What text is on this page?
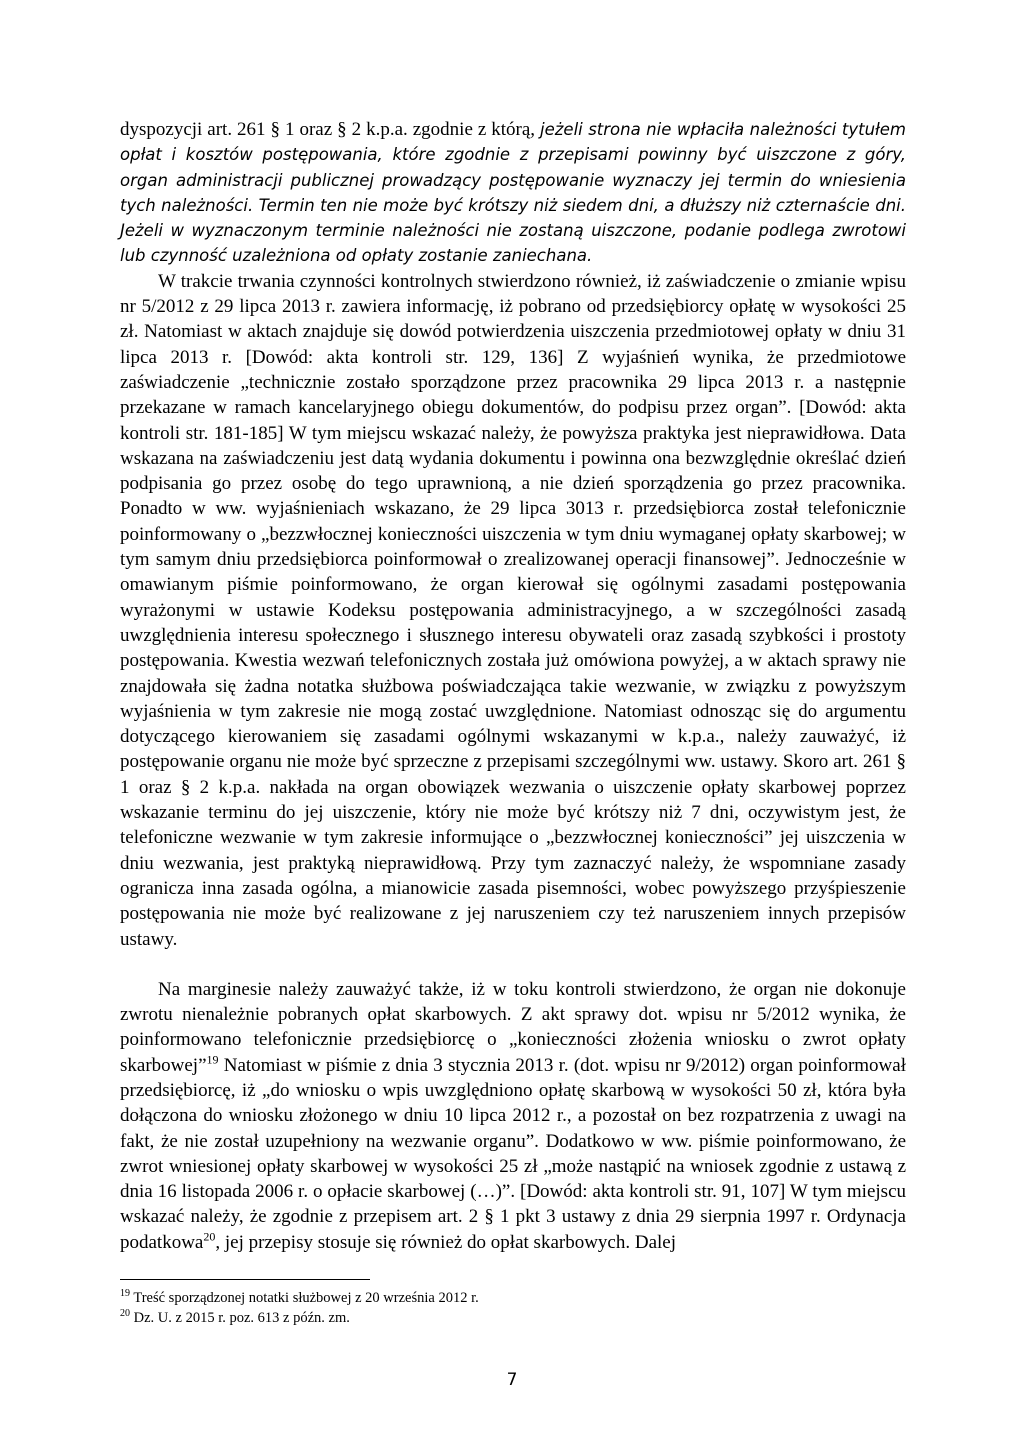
dyspozycji art. 261 § 1 oraz § 2 k.p.a. zgodnie z którą, jeżeli strona nie wpłaciła należności tytułem opłat i kosztów postępowania, które zgodnie z przepisami powinny być uiszczone z góry, organ administracji publicznej prowadzący postępowanie wyznaczy jej termin do wniesienia tych należności. Termin ten nie może być krótszy niż siedem dni, a dłuższy niż czternaście dni. Jeżeli w wyznaczonym terminie należności nie zostaną uiszczone, podanie podlega zwrotowi lub czynność uzależniona od opłaty zostanie zaniechana.

W trakcie trwania czynności kontrolnych stwierdzono również, iż zaświadczenie o zmianie wpisu nr 5/2012 z 29 lipca 2013 r. zawiera informację, iż pobrano od przedsiębiorcy opłatę w wysokości 25 zł. Natomiast w aktach znajduje się dowód potwierdzenia uiszczenia przedmiotowej opłaty w dniu 31 lipca 2013 r. [Dowód: akta kontroli str. 129, 136] Z wyjaśnień wynika, że przedmiotowe zaświadczenie „technicznie zostało sporządzone przez pracownika 29 lipca 2013 r. a następnie przekazane w ramach kancelaryjnego obiegu dokumentów, do podpisu przez organ”. [Dowód: akta kontroli str. 181-185] W tym miejscu wskazać należy, że powyższa praktyka jest nieprawidłowa. Data wskazana na zaświadczeniu jest datą wydania dokumentu i powinna ona bezwzględnie określać dzień podpisania go przez osobę do tego uprawnioną, a nie dzień sporządzenia go przez pracownika. Ponadto w ww. wyjaśnieniach wskazano, że 29 lipca 3013 r. przedsiębiorca został telefonicznie poinformowany o „bezzwłocznej konieczności uiszczenia w tym dniu wymaganej opłaty skarbowej; w tym samym dniu przedsiębiorca poinformował o zrealizowanej operacji finansowej”. Jednocześnie w omawianym piśmie poinformowano, że organ kierował się ogólnymi zasadami postępowania wyrażonymi w ustawie Kodeksu postępowania administracyjnego, a w szczególności zasadą uwzględnienia interesu społecznego i słusznego interesu obywateli oraz zasadą szybkości i prostoty postępowania. Kwestia wezwań telefonicznych została już omówiona powyżej, a w aktach sprawy nie znajdowała się żadna notatka służbowa poświadczająca takie wezwanie, w związku z powyższym wyjaśnienia w tym zakresie nie mogą zostać uwzględnione. Natomiast odnosząc się do argumentu dotyczącego kierowaniem się zasadami ogólnymi wskazanymi w k.p.a., należy zauważyć, iż postępowanie organu nie może być sprzeczne z przepisami szczególnymi ww. ustawy. Skoro art. 261 § 1 oraz § 2 k.p.a. nakłada na organ obowiązek wezwania o uiszczenie opłaty skarbowej poprzez wskazanie terminu do jej uiszczenie, który nie może być krótszy niż 7 dni, oczywistym jest, że telefoniczne wezwanie w tym zakresie informujące o „bezzwłocznej konieczności” jej uiszczenia w dniu wezwania, jest praktyką nieprawidłową. Przy tym zaznaczyć należy, że wspomniane zasady ogranicza inna zasada ogólna, a mianowicie zasada pisemności, wobec powyższego przyśpieszenie postępowania nie może być realizowane z jej naruszeniem czy też naruszeniem innych przepisów ustawy.

Na marginesie należy zauważyć także, iż w toku kontroli stwierdzono, że organ nie dokonuje zwrotu nienależnie pobranych opłat skarbowych. Z akt sprawy dot. wpisu nr 5/2012 wynika, że poinformowano telefonicznie przedsiębiorcę o „konieczności złożenia wniosku o zwrot opłaty skarbowej”$^{19}$ Natomiast w piśmie z dnia 3 stycznia 2013 r. (dot. wpisu nr 9/2012) organ poinformował przedsiębiorcę, iż „do wniosku o wpis uwzględniono opłatę skarbową w wysokości 50 zł, która była dołączona do wniosku złożonego w dniu 10 lipca 2012 r., a pozostał on bez rozpatrzenia z uwagi na fakt, że nie został uzupełniony na wezwanie organu”. Dodatkowo w ww. piśmie poinformowano, że zwrot wniesionej opłaty skarbowej w wysokości 25 zł „może nastąpić na wniosek zgodnie z ustawą z dnia 16 listopada 2006 r. o opłacie skarbowej (…)”. [Dowód: akta kontroli str. 91, 107] W tym miejscu wskazać należy, że zgodnie z przepisem art. 2 § 1 pkt 3 ustawy z dnia 29 sierpnia 1997 r. Ordynacja podatkowa$^{20}$, jej przepisy stosuje się również do opłat skarbowych. Dalej

$^{19}$ Treść sporządzonej notatki służbowej z 20 września 2012 r.

$^{20}$ Dz. U. z 2015 r. poz. 613 z późn. zm.

7
